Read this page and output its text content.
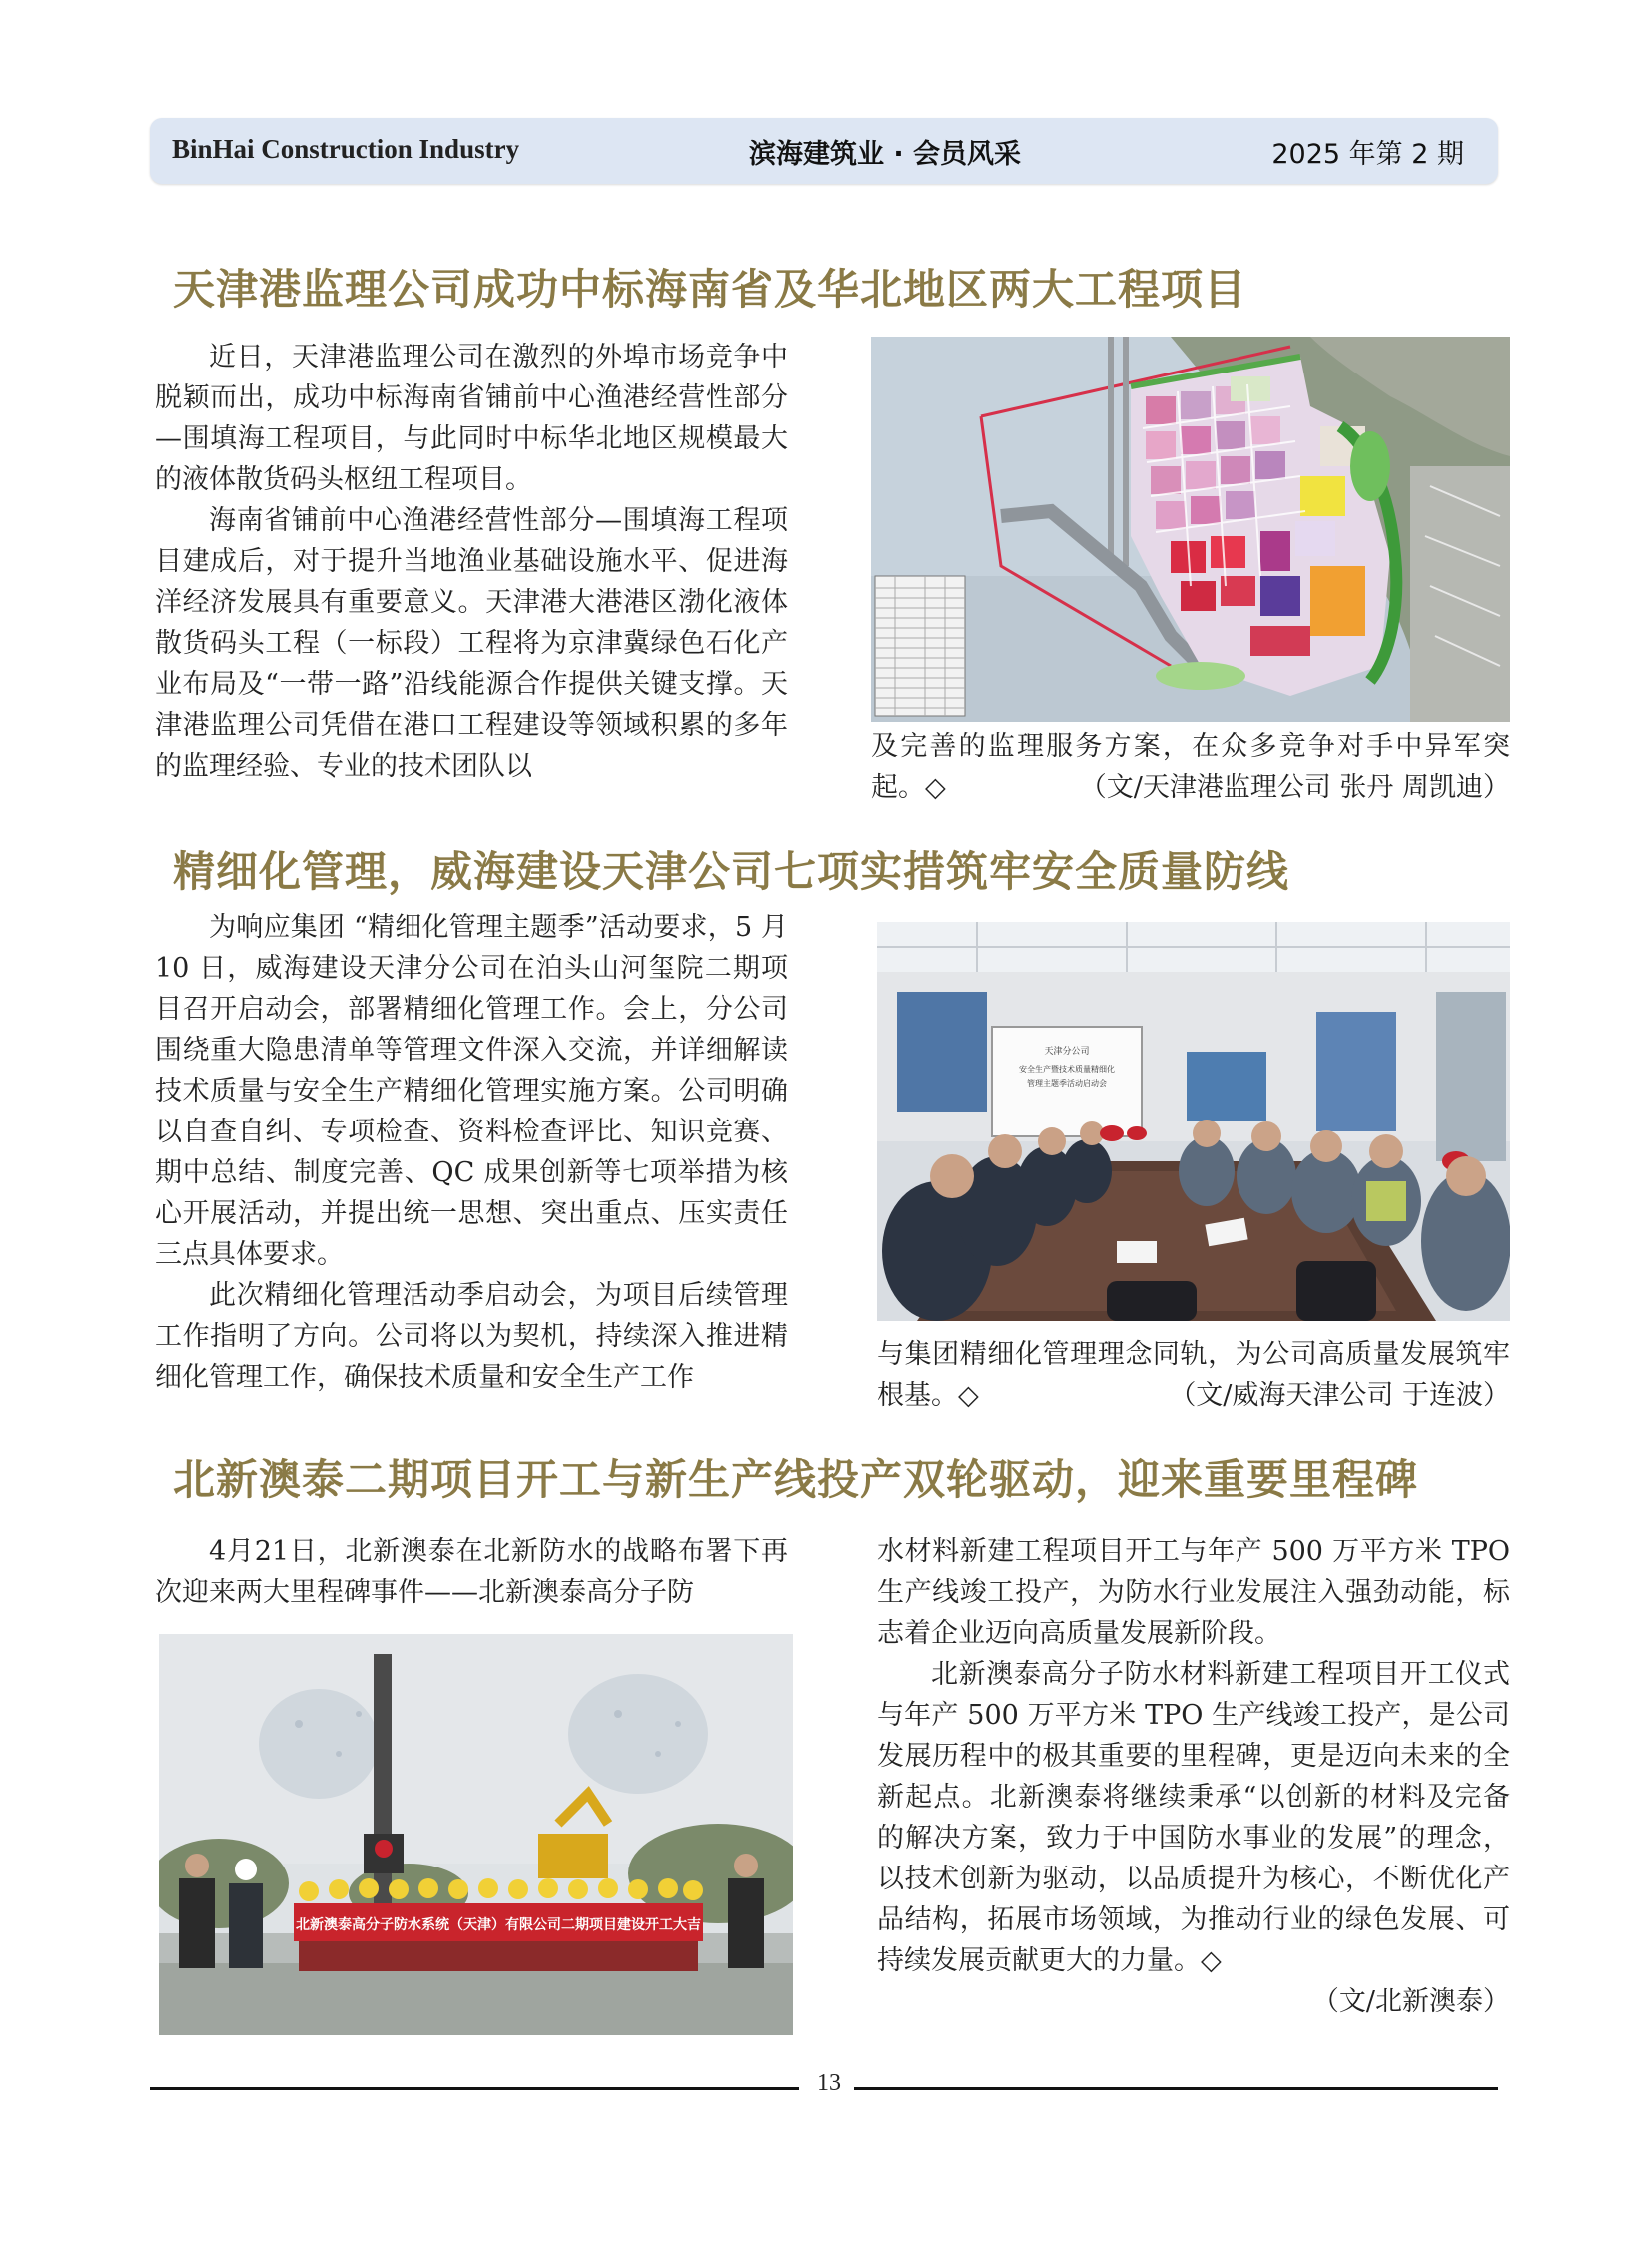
BinHai Construction Industry	滨海建筑业 · 会员风采	2025 年第 2 期
天津港监理公司成功中标海南省及华北地区两大工程项目

近日，天津港监理公司在激烈的外埠市场竞争中脱颖而出，成功中标海南省铺前中心渔港经营性部分—围填海工程项目，与此同时中标华北地区规模最大的液体散货码头枢纽工程项目。

海南省铺前中心渔港经营性部分—围填海工程项目建成后，对于提升当地渔业基础设施水平、促进海洋经济发展具有重要意义。天津港大港港区渤化液体散货码头工程（一标段）工程将为京津冀绿色石化产业布局及“一带一路”沿线能源合作提供关键支撑。天津港监理公司凭借在港口工程建设等领域积累的多年的监理经验、专业的技术团队以

及完善的监理服务方案，在众多竞争对手中异军突起。◇	（文/天津港监理公司 张丹 周凯迪）
精细化管理，威海建设天津公司七项实措筑牢安全质量防线

为响应集团 “精细化管理主题季”活动要求，5 月 10 日，威海建设天津分公司在泊头山河玺院二期项目召开启动会，部署精细化管理工作。会上，分公司围绕重大隐患清单等管理文件深入交流，并详细解读技术质量与安全生产精细化管理实施方案。公司明确以自查自纠、专项检查、资料检查评比、知识竞赛、期中总结、制度完善、QC 成果创新等七项举措为核心开展活动，并提出统一思想、突出重点、压实责任三点具体要求。

此次精细化管理活动季启动会，为项目后续管理工作指明了方向。公司将以为契机，持续深入推进精细化管理工作，确保技术质量和安全生产工作

天津分公司
安全生产暨技术质量精细化
管理主题季活动启动会

与集团精细化管理理念同轨，为公司高质量发展筑牢根基。◇	（文/威海天津公司 于连波）
北新澳泰二期项目开工与新生产线投产双轮驱动，迎来重要里程碑

4月21日，北新澳泰在北新防水的战略布署下再次迎来两大里程碑事件——北新澳泰高分子防

北新澳泰高分子防水系统（天津）有限公司二期项目建设开工大吉

水材料新建工程项目开工与年产 500 万平方米 TPO 生产线竣工投产，为防水行业发展注入强劲动能，标志着企业迈向高质量发展新阶段。

北新澳泰高分子防水材料新建工程项目开工仪式与年产 500 万平方米 TPO 生产线竣工投产，是公司发展历程中的极其重要的里程碑，更是迈向未来的全新起点。北新澳泰将继续秉承“以创新的材料及完备的解决方案，致力于中国防水事业的发展”的理念，以技术创新为驱动，以品质提升为核心，不断优化产品结构，拓展市场领域，为推动行业的绿色发展、可持续发展贡献更大的力量。◇

（文/北新澳泰）
13
